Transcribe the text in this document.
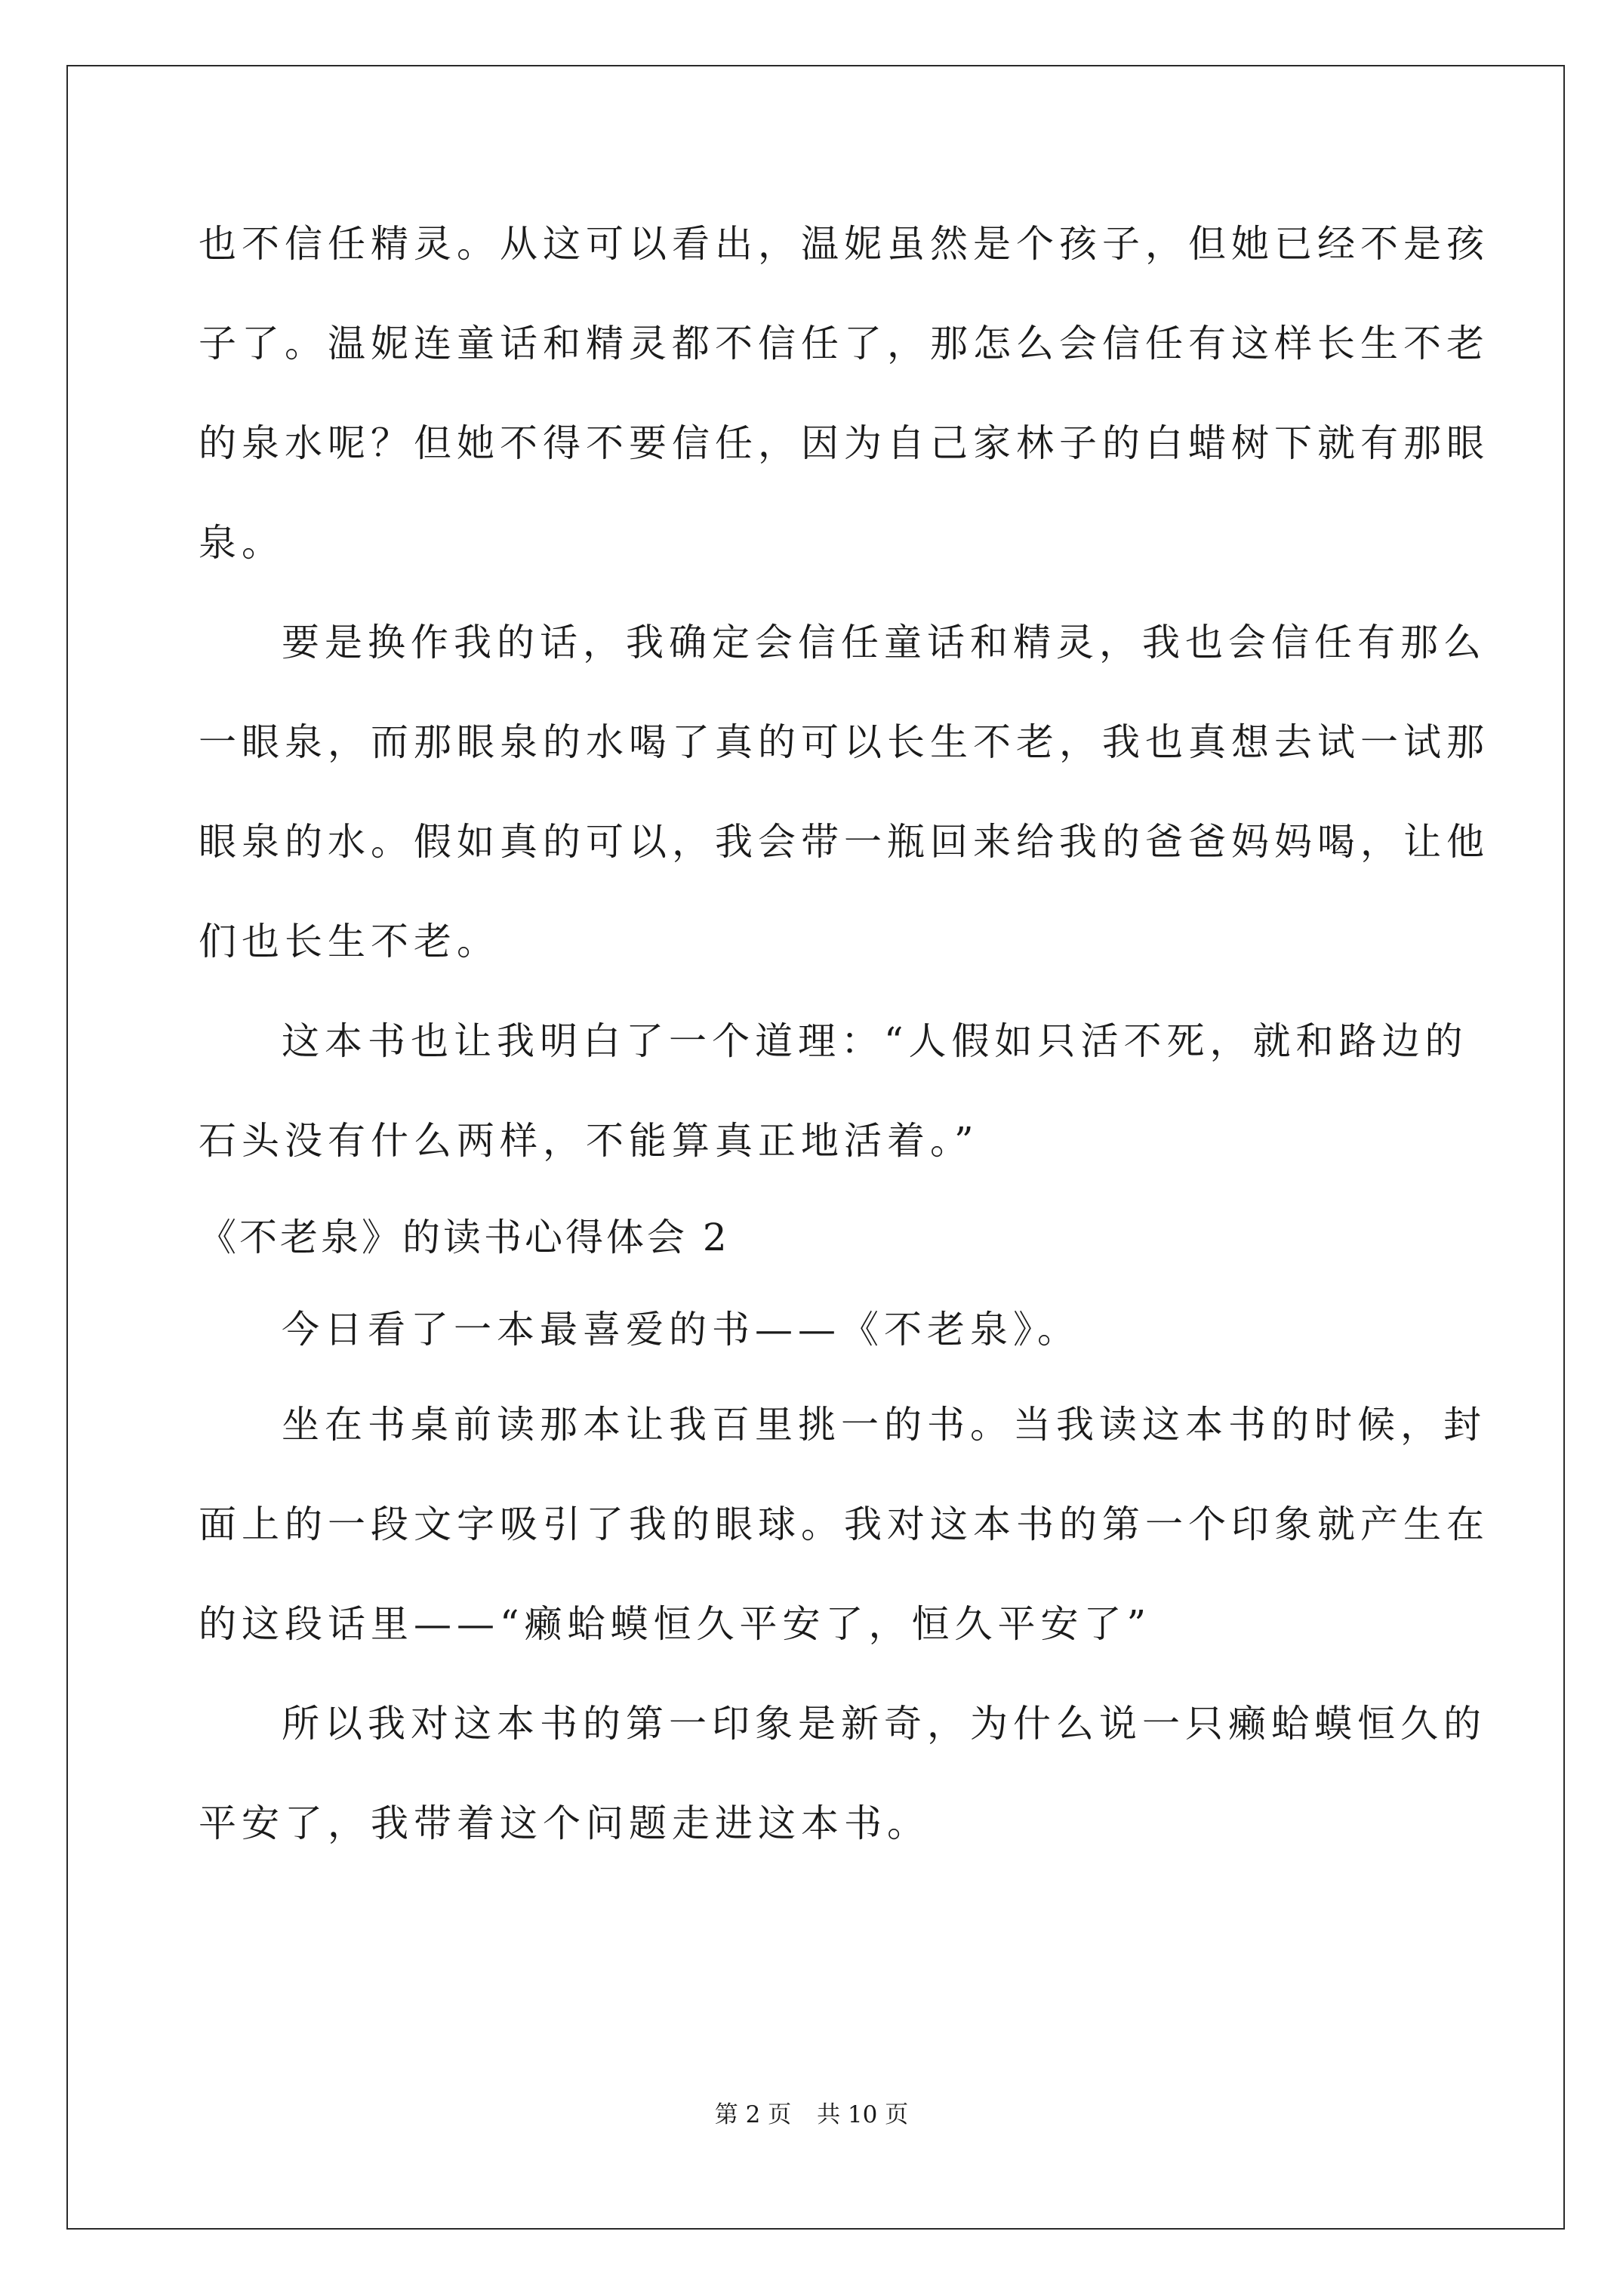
也不信任精灵。从这可以看出，温妮虽然是个孩子，但她已经不是孩
子了。温妮连童话和精灵都不信任了，那怎么会信任有这样长生不老
的泉水呢？但她不得不要信任，因为自己家林子的白蜡树下就有那眼
泉。
要是换作我的话，我确定会信任童话和精灵，我也会信任有那么
一眼泉，而那眼泉的水喝了真的可以长生不老，我也真想去试一试那
眼泉的水。假如真的可以，我会带一瓶回来给我的爸爸妈妈喝，让他
们也长生不老。
这本书也让我明白了一个道理：“人假如只活不死，就和路边的
石头没有什么两样，不能算真正地活着。”
《不老泉》的读书心得体会 2
今日看了一本最喜爱的书——《不老泉》。
坐在书桌前读那本让我百里挑一的书。当我读这本书的时候，封
面上的一段文字吸引了我的眼球。我对这本书的第一个印象就产生在
的这段话里——“癞蛤蟆恒久平安了，恒久平安了”
所以我对这本书的第一印象是新奇，为什么说一只癞蛤蟆恒久的
平安了，我带着这个问题走进这本书。
第 2 页 共 10 页
